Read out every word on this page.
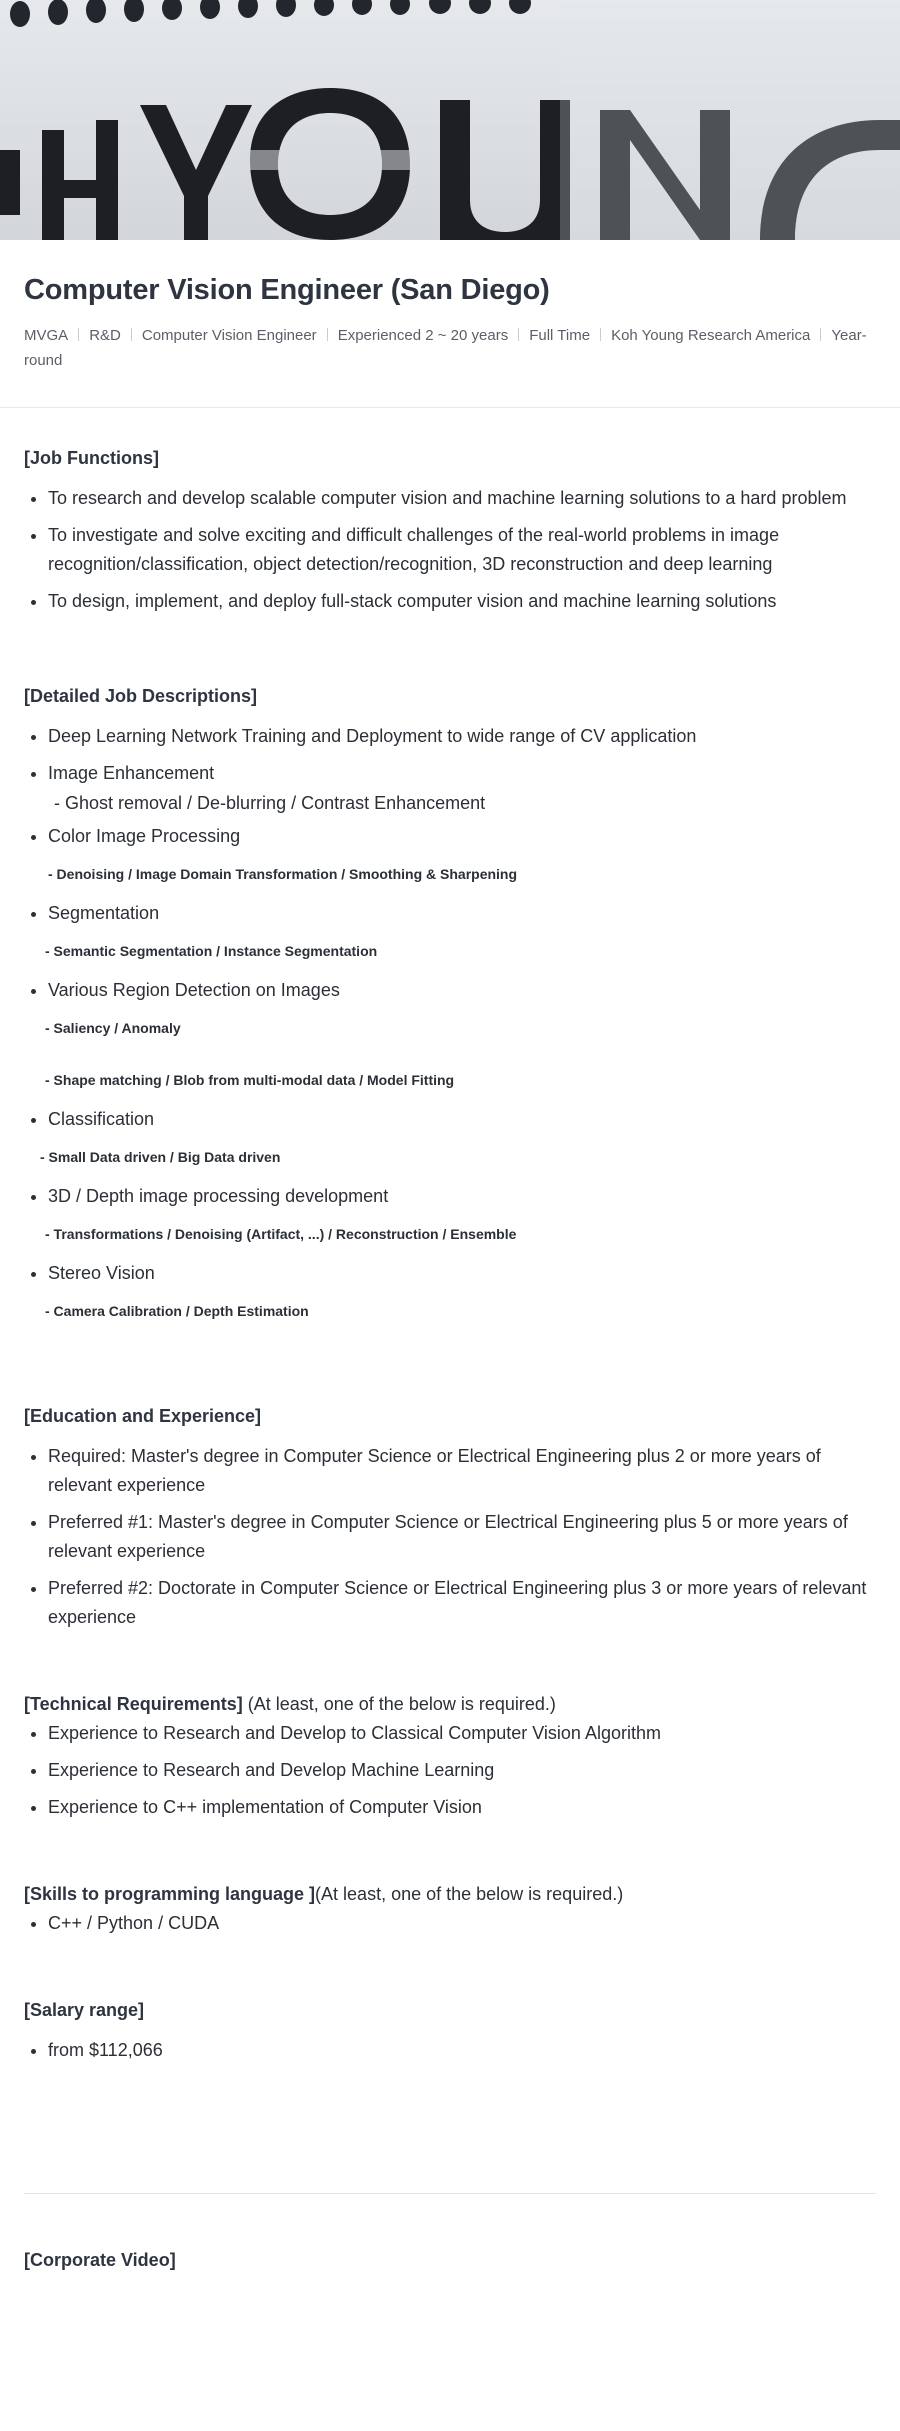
Computer Vision Engineer (San Diego)
MVGA R&D Computer Vision Engineer Experienced 2 ~ 20 years Full Time Koh Young Research America Year-round
[Job Functions]
• To research and develop scalable computer vision and machine learning solutions to a hard problem
• To investigate and solve exciting and difficult challenges of the real-world problems in image recognition/classification, object detection/recognition, 3D reconstruction and deep learning
• To design, implement, and deploy full-stack computer vision and machine learning solutions
[Detailed Job Descriptions]
• Deep Learning Network Training and Deployment to wide range of CV application
• Image Enhancement
- Ghost removal / De-blurring / Contrast Enhancement
• Color Image Processing
- Denoising / Image Domain Transformation / Smoothing & Sharpening
• Segmentation
- Semantic Segmentation / Instance Segmentation
• Various Region Detection on Images
- Saliency / Anomaly
- Shape matching / Blob from multi-modal data / Model Fitting
• Classification
- Small Data driven / Big Data driven
• 3D / Depth image processing development
- Transformations / Denoising (Artifact, ...) / Reconstruction / Ensemble
• Stereo Vision
- Camera Calibration / Depth Estimation
[Education and Experience]
• Required: Master's degree in Computer Science or Electrical Engineering plus 2 or more years of relevant experience
• Preferred #1: Master's degree in Computer Science or Electrical Engineering plus 5 or more years of relevant experience
• Preferred #2: Doctorate in Computer Science or Electrical Engineering plus 3 or more years of relevant experience
[Technical Requirements] (At least, one of the below is required.)
• Experience to Research and Develop to Classical Computer Vision Algorithm
• Experience to Research and Develop Machine Learning
• Experience to C++ implementation of Computer Vision
[Skills to programming language ](At least, one of the below is required.)
• C++ / Python / CUDA
[Salary range]
• from $112,066
[Corporate Video]
